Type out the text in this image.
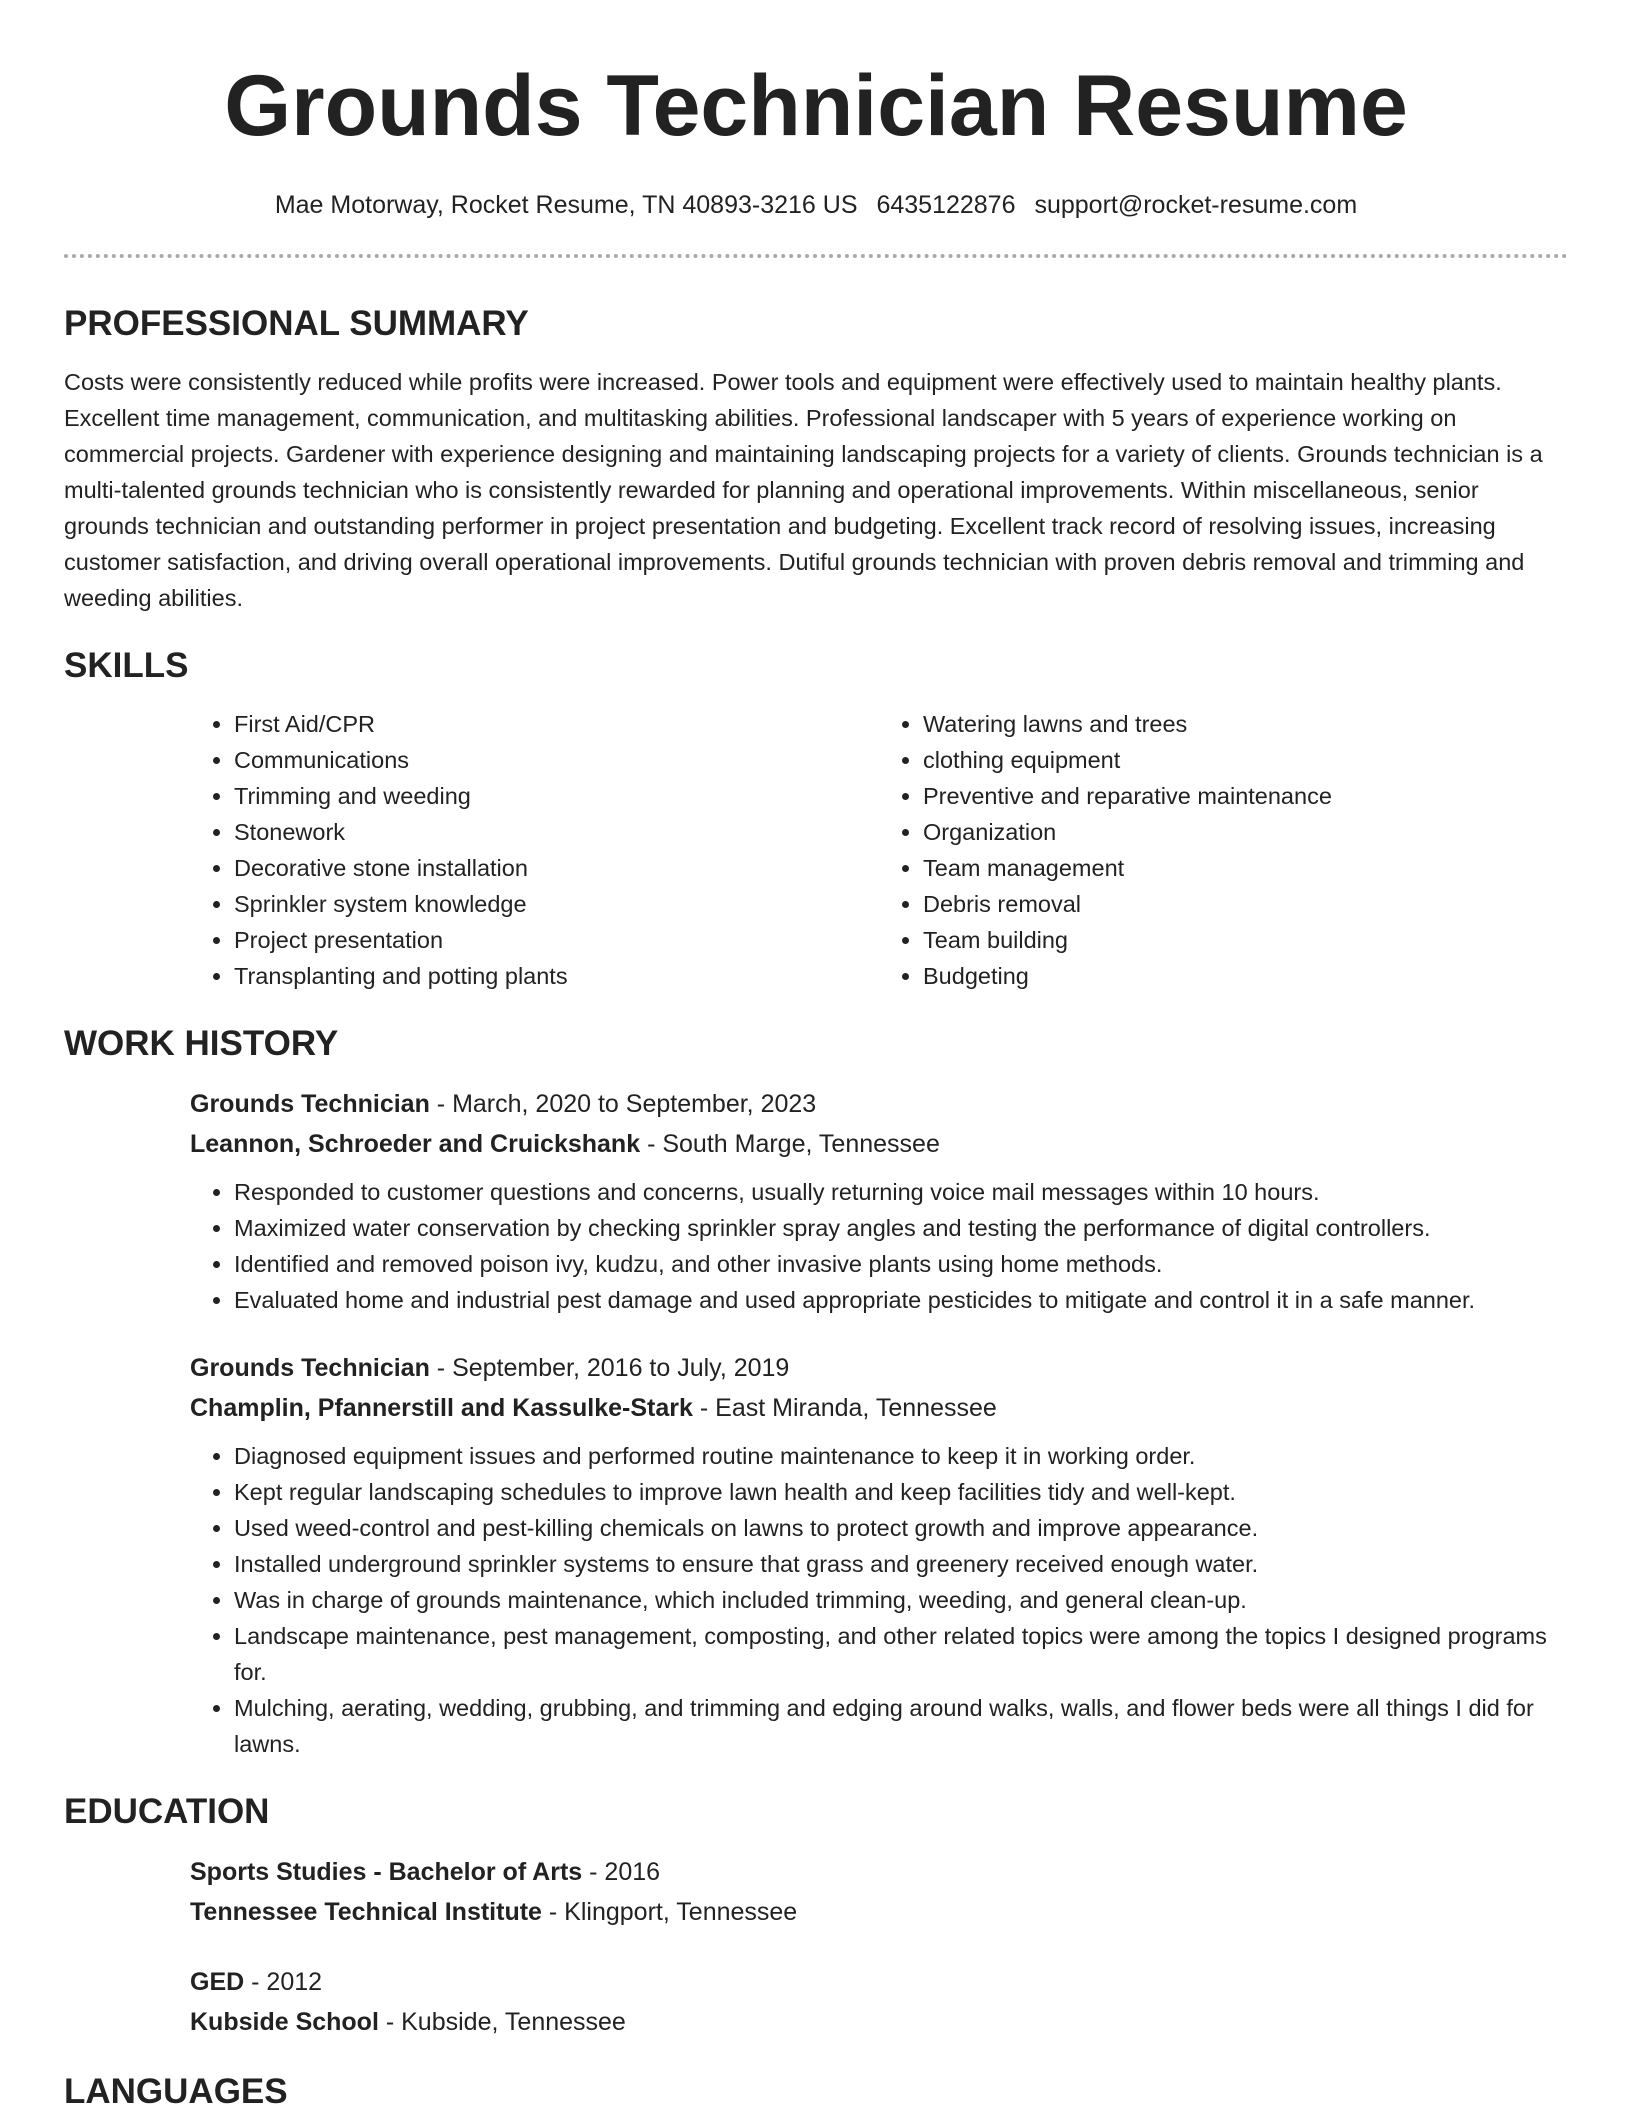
Grounds Technician Resume
Mae Motorway, Rocket Resume, TN 40893-3216 US 6435122876 support@rocket-resume.com
PROFESSIONAL SUMMARY

Costs were consistently reduced while profits were increased. Power tools and equipment were effectively used to maintain healthy plants. Excellent time management, communication, and multitasking abilities. Professional landscaper with 5 years of experience working on commercial projects. Gardener with experience designing and maintaining landscaping projects for a variety of clients. Grounds technician is a multi-talented grounds technician who is consistently rewarded for planning and operational improvements. Within miscellaneous, senior grounds technician and outstanding performer in project presentation and budgeting. Excellent track record of resolving issues, increasing customer satisfaction, and driving overall operational improvements. Dutiful grounds technician with proven debris removal and trimming and weeding abilities.

SKILLS
• First Aid/CPR
• Communications
• Trimming and weeding
• Stonework
• Decorative stone installation
• Sprinkler system knowledge
• Project presentation
• Transplanting and potting plants
• Watering lawns and trees
• clothing equipment
• Preventive and reparative maintenance
• Organization
• Team management
• Debris removal
• Team building
• Budgeting
WORK HISTORY
Grounds Technician - March, 2020 to September, 2023
Leannon, Schroeder and Cruickshank - South Marge, Tennessee
• Responded to customer questions and concerns, usually returning voice mail messages within 10 hours.
• Maximized water conservation by checking sprinkler spray angles and testing the performance of digital controllers.
• Identified and removed poison ivy, kudzu, and other invasive plants using home methods.
• Evaluated home and industrial pest damage and used appropriate pesticides to mitigate and control it in a safe manner.
Grounds Technician - September, 2016 to July, 2019
Champlin, Pfannerstill and Kassulke-Stark - East Miranda, Tennessee
• Diagnosed equipment issues and performed routine maintenance to keep it in working order.
• Kept regular landscaping schedules to improve lawn health and keep facilities tidy and well-kept.
• Used weed-control and pest-killing chemicals on lawns to protect growth and improve appearance.
• Installed underground sprinkler systems to ensure that grass and greenery received enough water.
• Was in charge of grounds maintenance, which included trimming, weeding, and general clean-up.
• Landscape maintenance, pest management, composting, and other related topics were among the topics I designed programs for.
• Mulching, aerating, wedding, grubbing, and trimming and edging around walks, walls, and flower beds were all things I did for lawns.
EDUCATION
Sports Studies - Bachelor of Arts - 2016
Tennessee Technical Institute - Klingport, Tennessee
GED - 2012
Kubside School - Kubside, Tennessee
LANGUAGES
